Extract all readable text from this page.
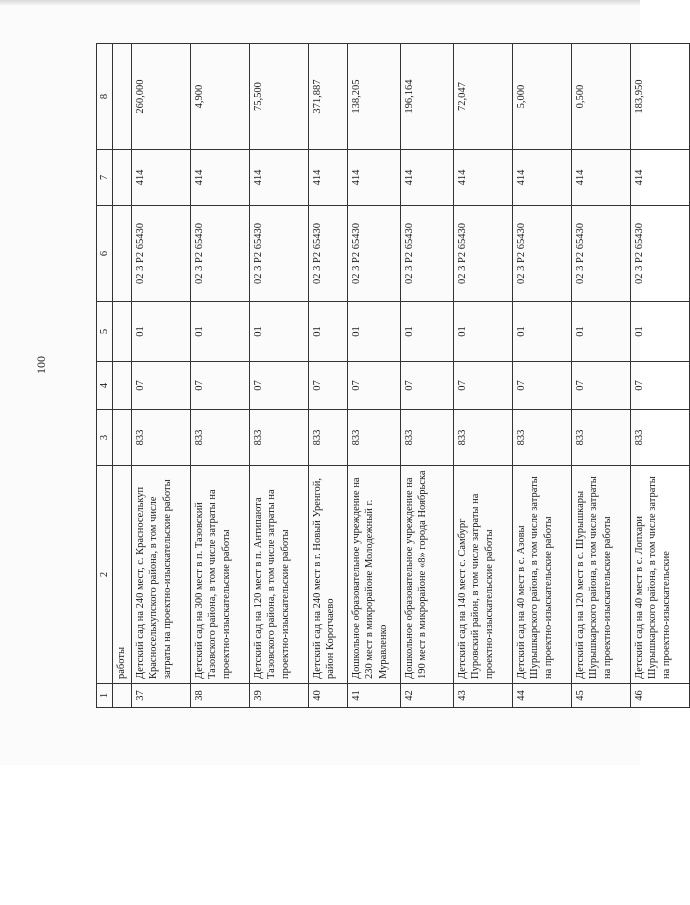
100
1	2	3	4	5	6	7	8
	работы						
37	Детский сад на 240 мест, с. Красноселькуп Красноселькупского района, в том числе затраты на проектно-изыскательские работы	833	07	01	02 3 P2 65430	414	260,000
38	Детский сад на 300 мест в п. Тазовский Тазовского района, в том числе затраты на проектно-изыскательские работы	833	07	01	02 3 P2 65430	414	4,900
39	Детский сад на 120 мест в п. Антипаюта Тазовского района, в том числе затраты на проектно-изыскательские работы	833	07	01	02 3 P2 65430	414	75,500
40	Детский сад на 240 мест в г. Новый Уренгой, район Коротчаево	833	07	01	02 3 P2 65430	414	371,887
41	Дошкольное образовательное учреждение на 230 мест в микрорайоне Молодежный г. Муравленко	833	07	01	02 3 P2 65430	414	138,205
42	Дошкольное образовательное учреждение на 190 мест в микрорайоне «8» города Ноябрьска	833	07	01	02 3 P2 65430	414	196,164
43	Детский сад на 140 мест с. Самбург Пуровский район, в том числе затраты на проектно-изыскательские работы	833	07	01	02 3 P2 65430	414	72,047
44	Детский сад на 40 мест в с. Азовы Шурышкарского района, в том числе затраты на проектно-изыскательские работы	833	07	01	02 3 P2 65430	414	5,000
45	Детский сад на 120 мест в с. Шурышкары Шурышкарского района, в том числе затраты на проектно-изыскательские работы	833	07	01	02 3 P2 65430	414	0,500
46	Детский сад на 40 мест в с. Лопхари Шурышкарского района, в том числе затраты на проектно-изыскательские	833	07	01	02 3 P2 65430	414	183,950
